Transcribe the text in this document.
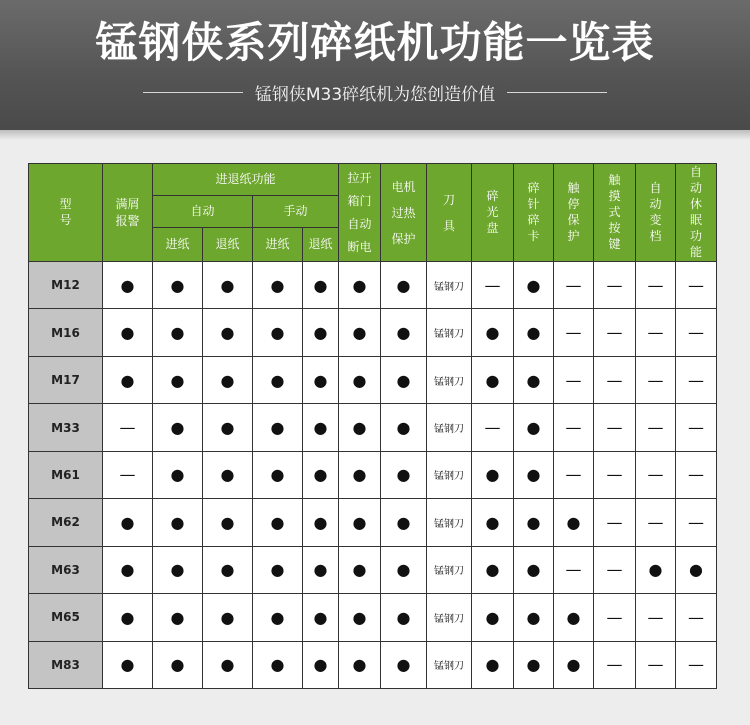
锰钢侠系列碎纸机功能一览表
锰钢侠M33碎纸机为您创造价值
型号	满屑报警	进退纸功能				拉开箱门自动断电	电机过热保护	刀具	碎光盘	碎针碎卡	触停保护	触摸式按键	自动变档	自动休眠功能
		自动		手动										
		进纸	退纸	进纸	退纸									
M12	●	●	●	●	●	●	●	锰钢刀	—	●	—	—	—	—
M16	●	●	●	●	●	●	●	锰钢刀	●	●	—	—	—	—
M17	●	●	●	●	●	●	●	锰钢刀	●	●	—	—	—	—
M33	—	●	●	●	●	●	●	锰钢刀	—	●	—	—	—	—
M61	—	●	●	●	●	●	●	锰钢刀	●	●	—	—	—	—
M62	●	●	●	●	●	●	●	锰钢刀	●	●	●	—	—	—
M63	●	●	●	●	●	●	●	锰钢刀	●	●	—	—	●	●
M65	●	●	●	●	●	●	●	锰钢刀	●	●	●	—	—	—
M83	●	●	●	●	●	●	●	锰钢刀	●	●	●	—	—	—
